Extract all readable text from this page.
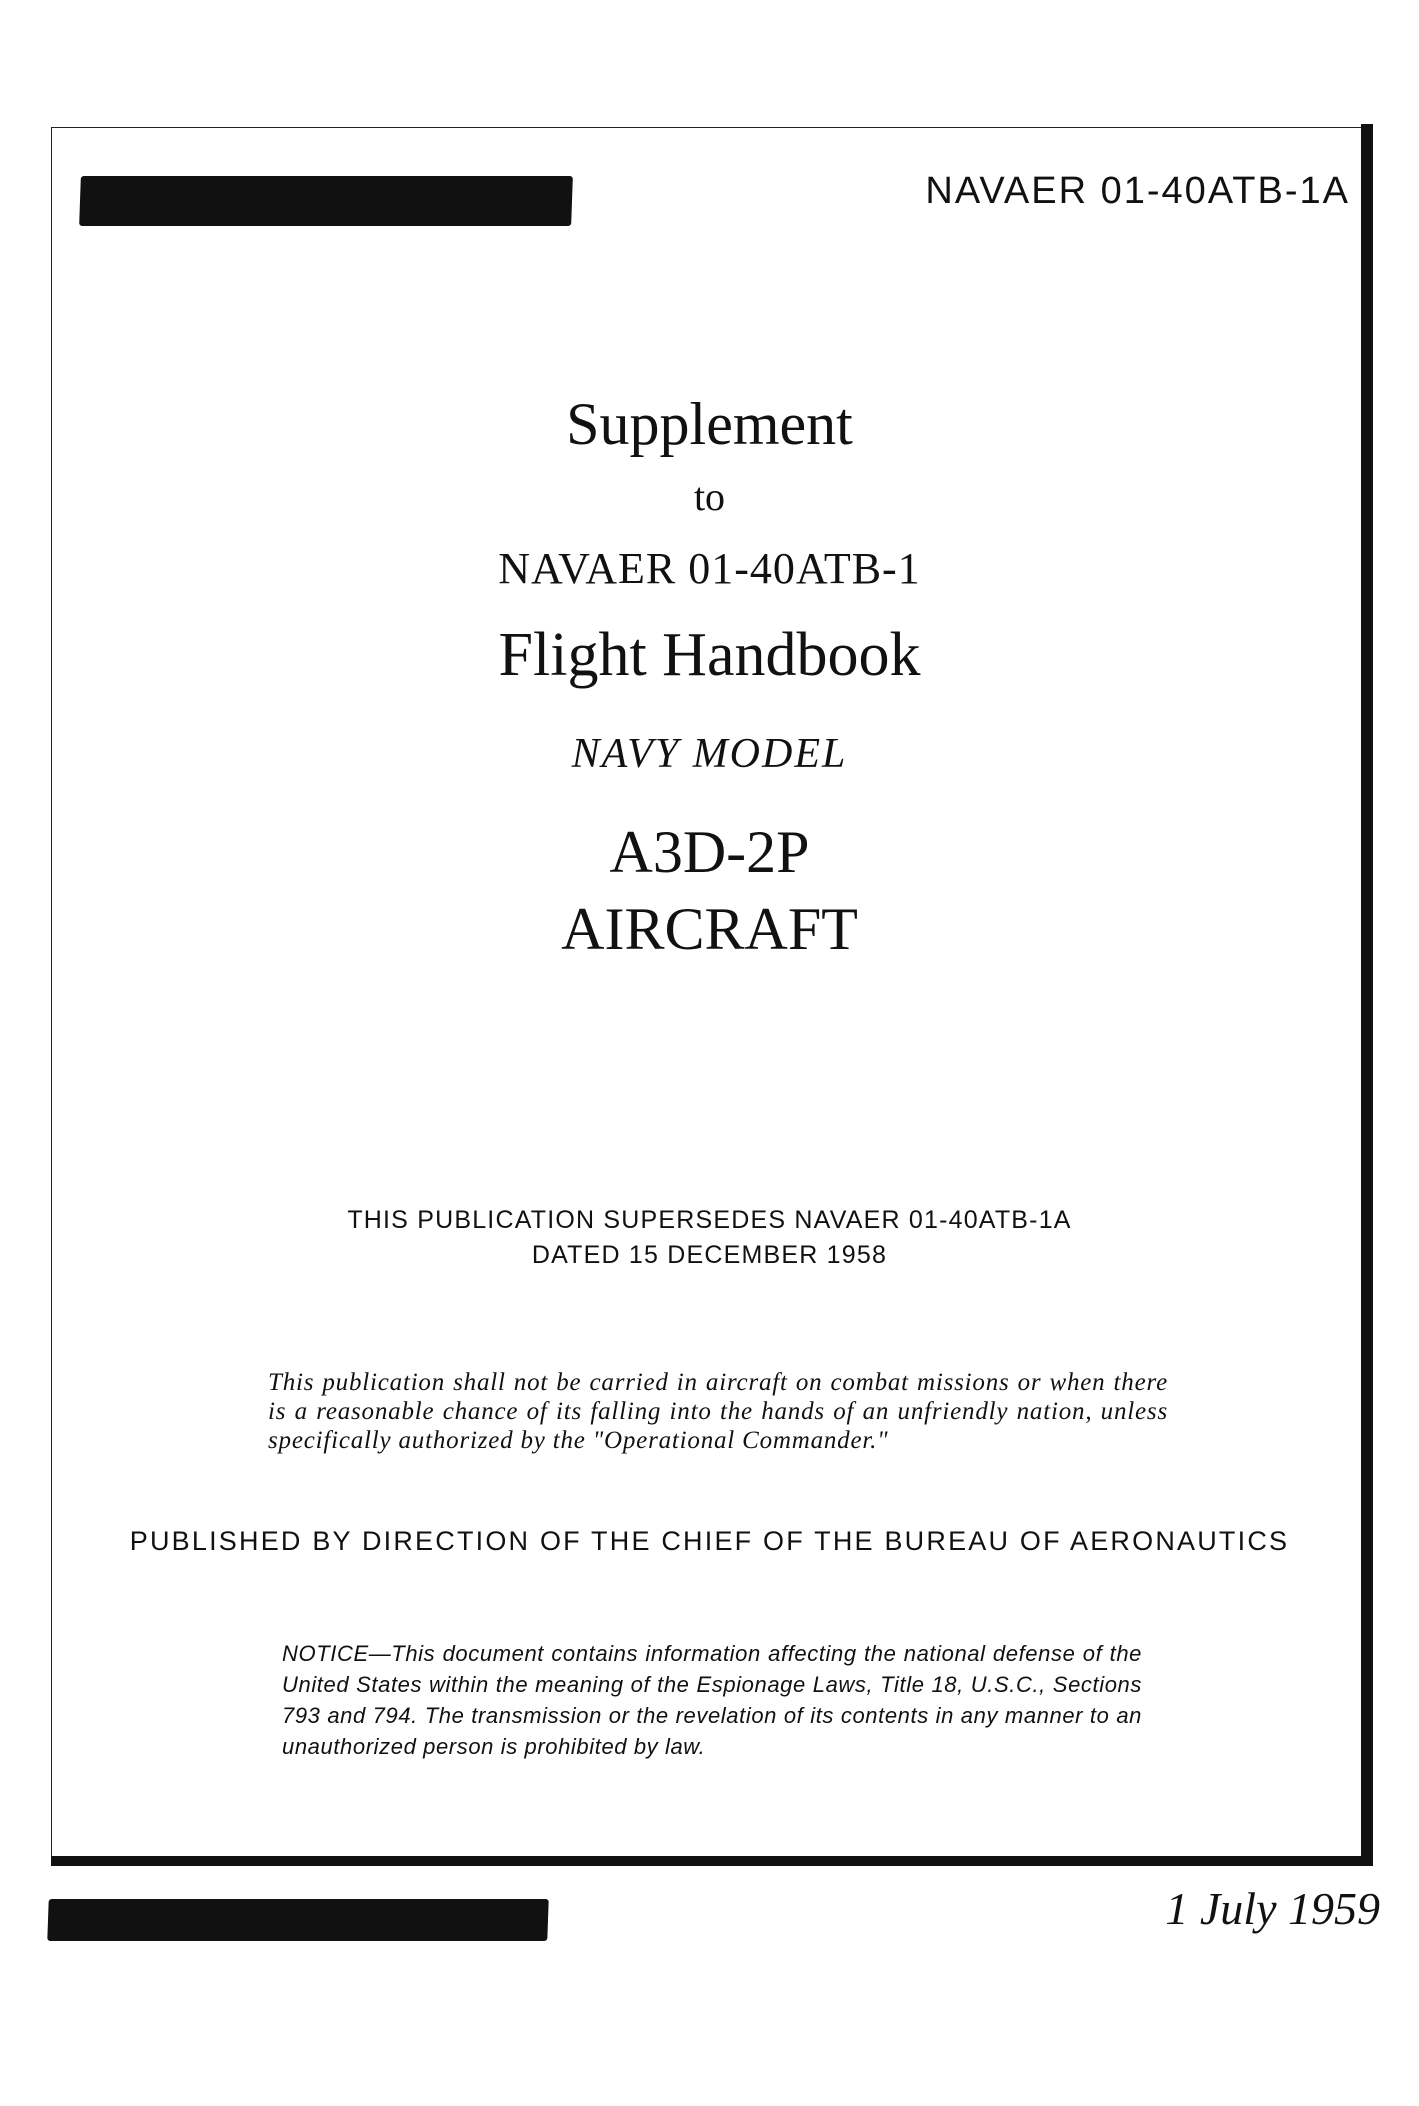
NAVAER 01-40ATB-1A
Supplement
to
NAVAER 01-40ATB-1
Flight Handbook
NAVY MODEL
A3D-2P
AIRCRAFT
THIS PUBLICATION SUPERSEDES NAVAER 01-40ATB-1A
DATED 15 DECEMBER 1958
This publication shall not be carried in aircraft on combat missions or when there is a reasonable chance of its falling into the hands of an unfriendly nation, unless specifically authorized by the "Operational Commander."
PUBLISHED BY DIRECTION OF THE CHIEF OF THE BUREAU OF AERONAUTICS
NOTICE—This document contains information affecting the national defense of the United States within the meaning of the Espionage Laws, Title 18, U.S.C., Sections 793 and 794. The transmission or the revelation of its contents in any manner to an unauthorized person is prohibited by law.
1 July 1959
